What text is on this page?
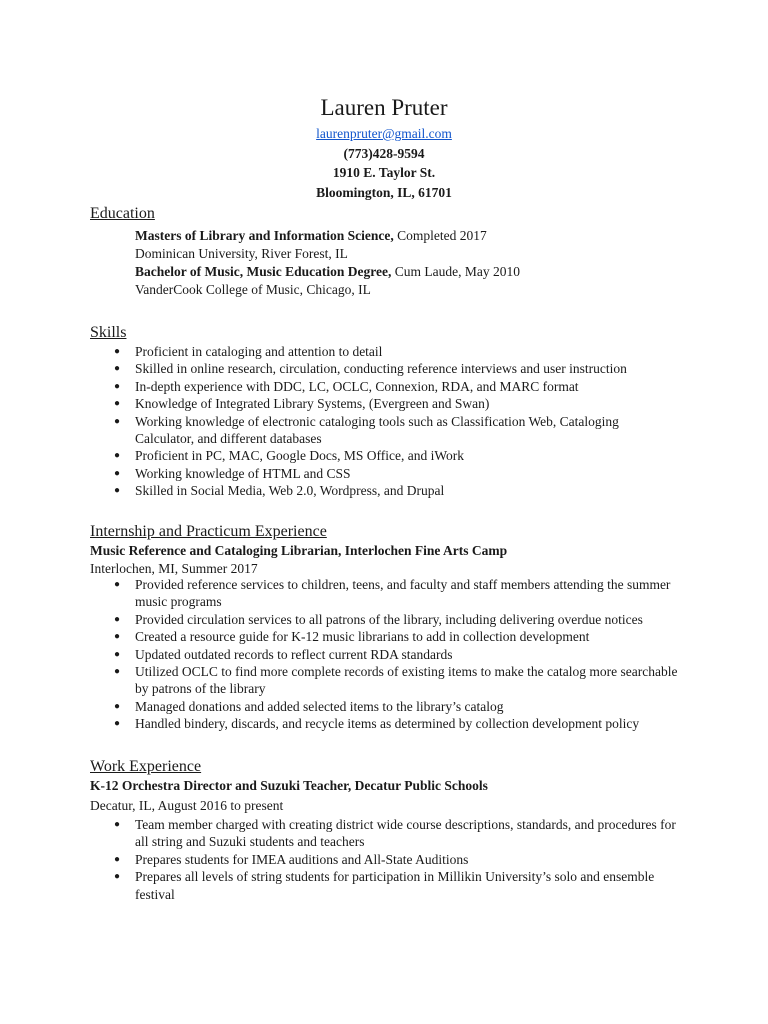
Lauren Pruter
laurenpruter@gmail.com
(773)428-9594
1910 E. Taylor St.
Bloomington, IL, 61701
Education
Masters of Library and Information Science, Completed 2017
Dominican University, River Forest, IL
Bachelor of Music, Music Education Degree, Cum Laude, May 2010
VanderCook College of Music, Chicago, IL
Skills
● Proficient in cataloging and attention to detail
● Skilled in online research, circulation, conducting reference interviews and user instruction
● In-depth experience with DDC, LC, OCLC, Connexion, RDA, and MARC format
● Knowledge of Integrated Library Systems, (Evergreen and Swan)
● Working knowledge of electronic cataloging tools such as Classification Web, Cataloging Calculator, and different databases
● Proficient in PC, MAC, Google Docs, MS Office, and iWork
● Working knowledge of HTML and CSS
● Skilled in Social Media, Web 2.0, Wordpress, and Drupal
Internship and Practicum Experience
Music Reference and Cataloging Librarian, Interlochen Fine Arts Camp
Interlochen, MI, Summer 2017
● Provided reference services to children, teens, and faculty and staff members attending the summer music programs
● Provided circulation services to all patrons of the library, including delivering overdue notices
● Created a resource guide for K-12 music librarians to add in collection development
● Updated outdated records to reflect current RDA standards
● Utilized OCLC to find more complete records of existing items to make the catalog more searchable by patrons of the library
● Managed donations and added selected items to the library’s catalog
● Handled bindery, discards, and recycle items as determined by collection development policy
Work Experience
K-12 Orchestra Director and Suzuki Teacher, Decatur Public Schools
Decatur, IL, August 2016 to present
● Team member charged with creating district wide course descriptions, standards, and procedures for all string and Suzuki students and teachers
● Prepares students for IMEA auditions and All-State Auditions
● Prepares all levels of string students for participation in Millikin University’s solo and ensemble festival
